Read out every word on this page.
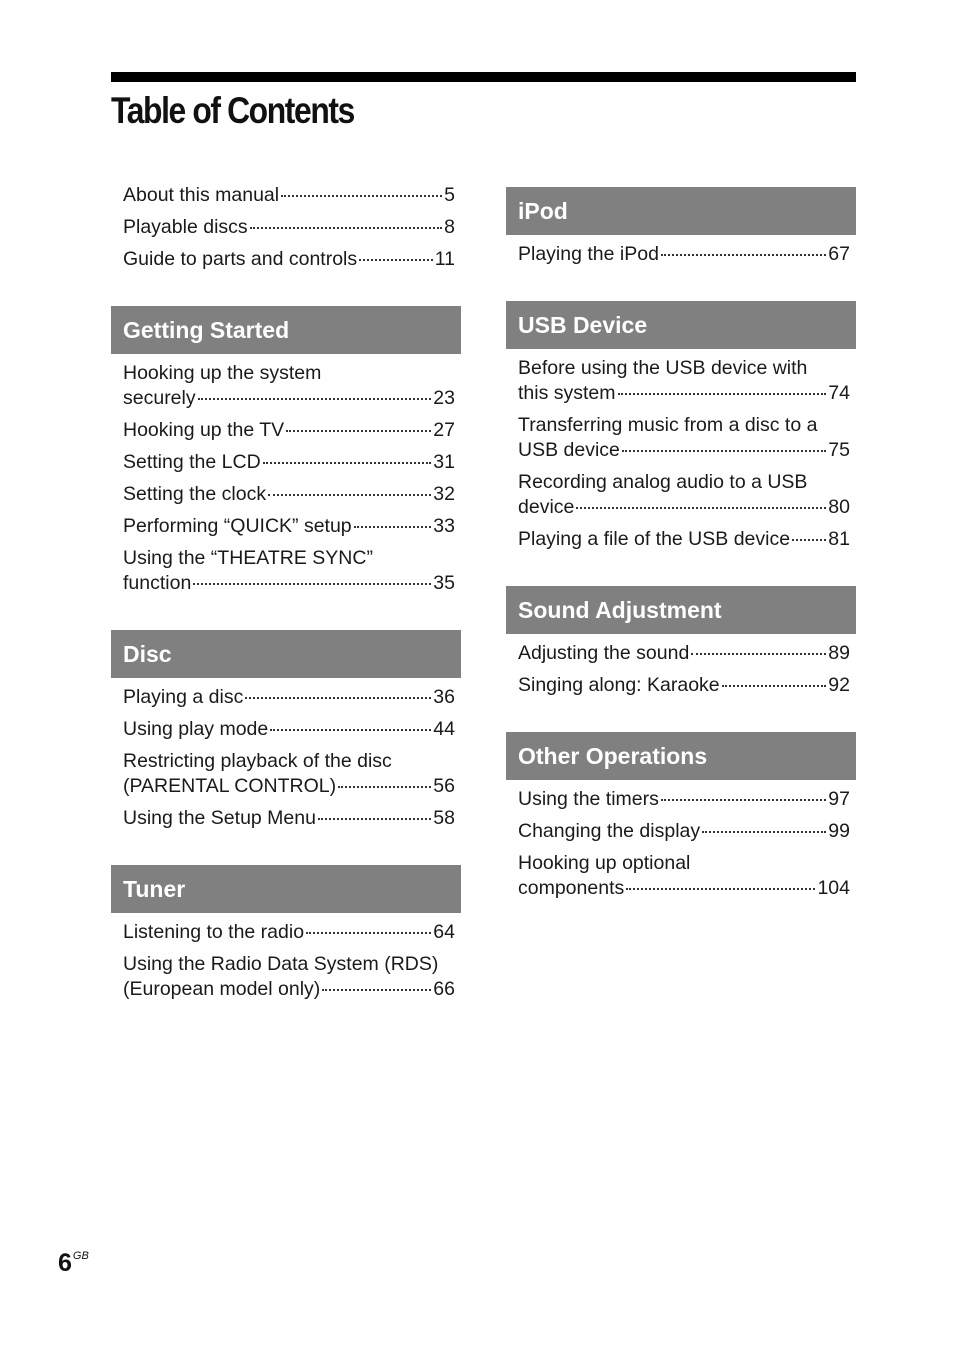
Table of Contents
About this manual	5
Playable discs	8
Guide to parts and controls	11
Getting Started
Hooking up the system
securely	23
Hooking up the TV	27
Setting the LCD	31
Setting the clock	32
Performing “QUICK” setup	33
Using the “THEATRE SYNC”
function	35
Disc
Playing a disc	36
Using play mode	44
Restricting playback of the disc
(PARENTAL CONTROL)	56
Using the Setup Menu	58
Tuner
Listening to the radio	64
Using the Radio Data System (RDS)
(European model only)	66
iPod
Playing the iPod	67
USB Device
Before using the USB device with
this system	74
Transferring music from a disc to a
USB device	75
Recording analog audio to a USB
device	80
Playing a file of the USB device 81
Sound Adjustment
Adjusting the sound	89
Singing along: Karaoke	92
Other Operations
Using the timers	97
Changing the display	99
Hooking up optional
components	104
$6^{GB}$
